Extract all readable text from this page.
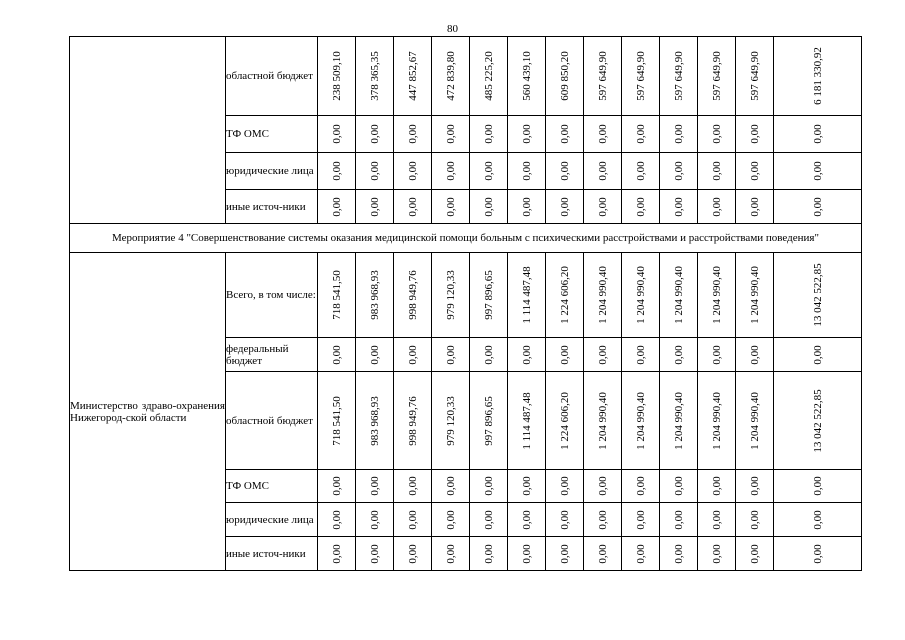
80
	областной бюджет	238 509,10	378 365,35	447 852,67	472 839,80	485 225,20	560 439,10	609 850,20	597 649,90	597 649,90	597 649,90	597 649,90	597 649,90	6 181 330,92

	ТФ ОМС	0,00	0,00	0,00	0,00	0,00	0,00	0,00	0,00	0,00	0,00	0,00	0,00	0,00

	юридические лица	0,00	0,00	0,00	0,00	0,00	0,00	0,00	0,00	0,00	0,00	0,00	0,00	0,00

	иные источ-ники	0,00	0,00	0,00	0,00	0,00	0,00	0,00	0,00	0,00	0,00	0,00	0,00	0,00

Мероприятие 4 "Совершенствование системы оказания медицинской помощи больным с психическими расстройствами и расстройствами поведения"														
Министерство здраво-охранения Нижегород-ской области	Всего, в том числе:	718 541,50	983 968,93	998 949,76	979 120,33	997 896,65	1 114 487,48	1 224 606,20	1 204 990,40	1 204 990,40	1 204 990,40	1 204 990,40	1 204 990,40	13 042 522,85

	федеральный бюджет	0,00	0,00	0,00	0,00	0,00	0,00	0,00	0,00	0,00	0,00	0,00	0,00	0,00

	областной бюджет	718 541,50	983 968,93	998 949,76	979 120,33	997 896,65	1 114 487,48	1 224 606,20	1 204 990,40	1 204 990,40	1 204 990,40	1 204 990,40	1 204 990,40	13 042 522,85

	ТФ ОМС	0,00	0,00	0,00	0,00	0,00	0,00	0,00	0,00	0,00	0,00	0,00	0,00	0,00

	юридические лица	0,00	0,00	0,00	0,00	0,00	0,00	0,00	0,00	0,00	0,00	0,00	0,00	0,00

	иные источ-ники	0,00	0,00	0,00	0,00	0,00	0,00	0,00	0,00	0,00	0,00	0,00	0,00	0,00
